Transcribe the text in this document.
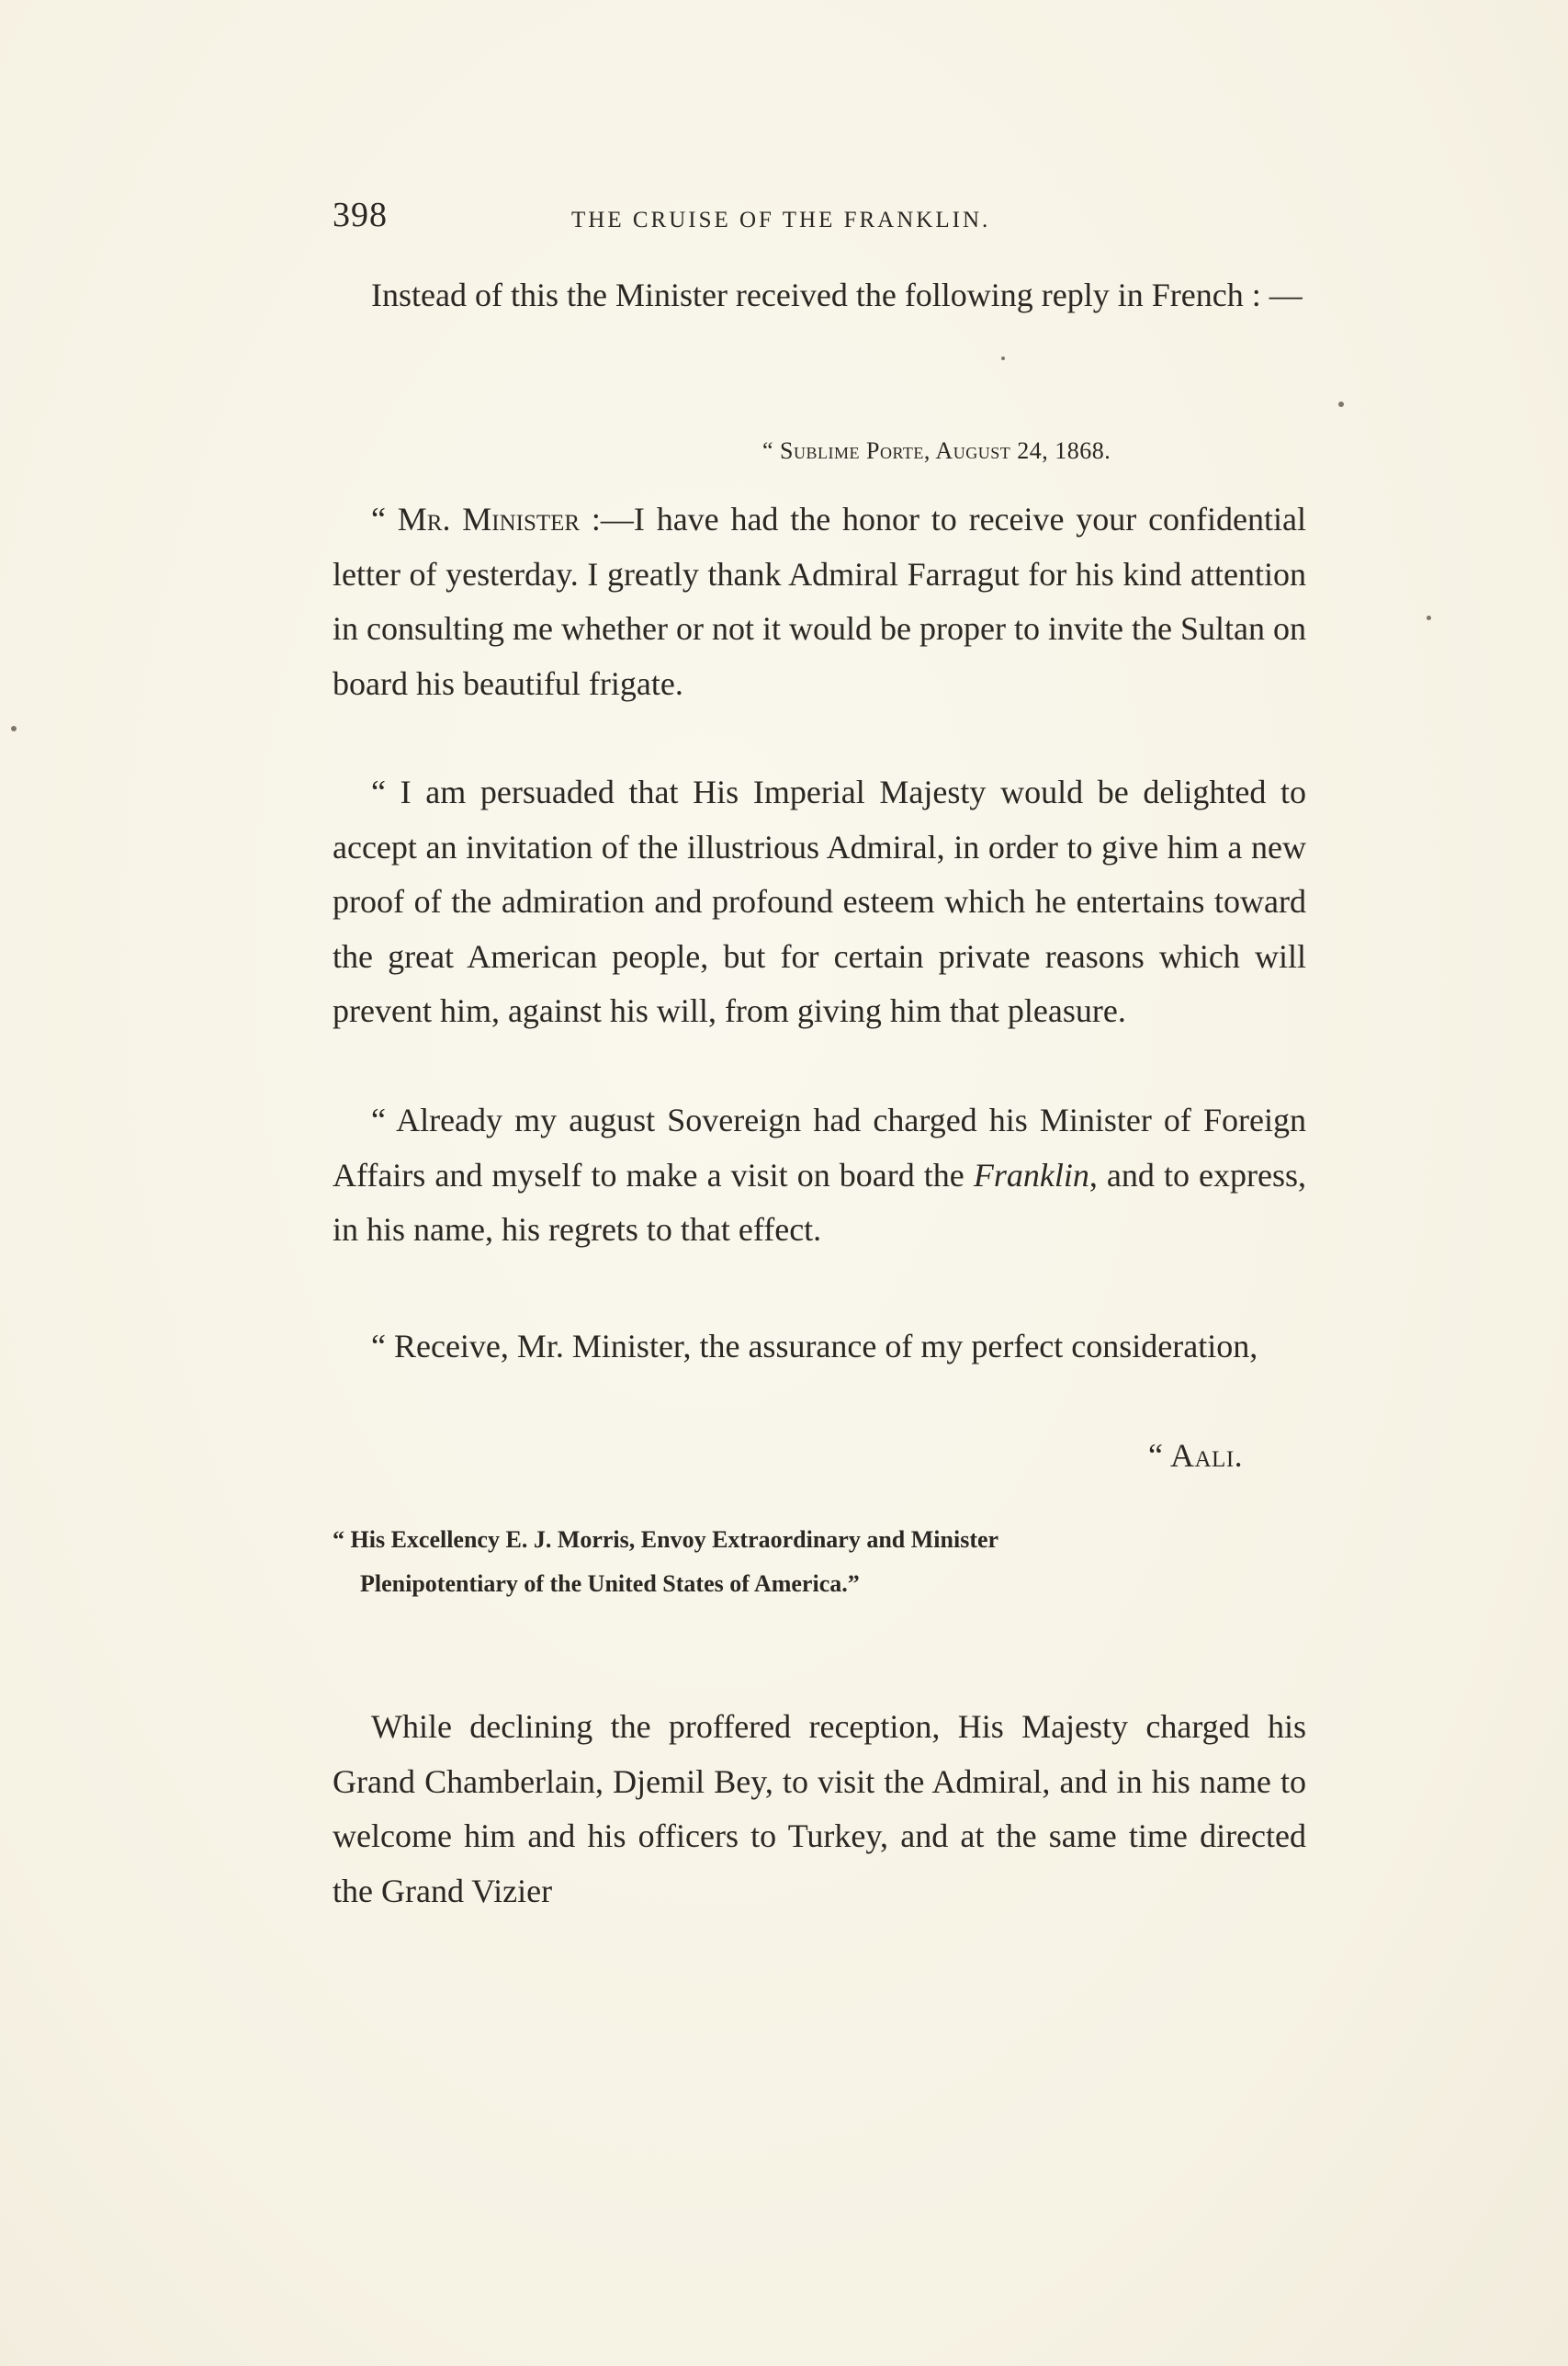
398	THE CRUISE OF THE FRANKLIN.

Instead of this the Minister received the following reply in French : —

“ Sublime Porte, August 24, 1868.

“ Mr. Minister :—I have had the honor to receive your confidential letter of yesterday. I greatly thank Admiral Farragut for his kind attention in consulting me whether or not it would be proper to invite the Sultan on board his beautiful frigate.

“ I am persuaded that His Imperial Majesty would be delighted to accept an invitation of the illustrious Admiral, in order to give him a new proof of the admiration and profound esteem which he entertains toward the great American people, but for certain private reasons which will prevent him, against his will, from giving him that pleasure.

“ Already my august Sovereign had charged his Minister of Foreign Affairs and myself to make a visit on board the Franklin, and to express, in his name, his regrets to that effect.

“ Receive, Mr. Minister, the assurance of my perfect consideration,

“ Aali.

“ His Excellency E. J. Morris, Envoy Extraordinary and Minister
Plenipotentiary of the United States of America.”

While declining the proffered reception, His Majesty charged his Grand Chamberlain, Djemil Bey, to visit the Admiral, and in his name to welcome him and his officers to Turkey, and at the same time directed the Grand Vizier
